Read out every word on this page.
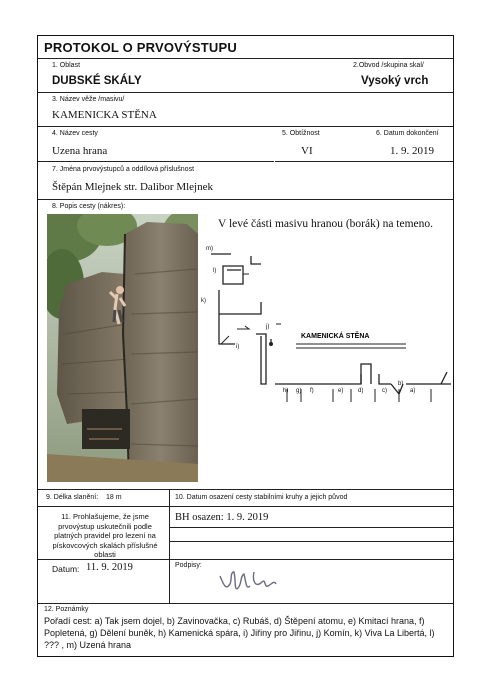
PROTOKOL O PRVOVÝSTUPU
1. Oblast
DUBSKÉ SKÁLY
2.Obvod /skupina skal/
Vysoký vrch
3. Název věže /masivu/
KAMENICKA STĚNA
4. Název cesty
Uzena hrana
5. Obtížnost
VI
6. Datum dokončení
1. 9. 2019
7. Jména prvovýstupců a oddílová příslušnost
Štěpán Mlejnek str. Dalibor Mlejnek
8. Popis cesty (nákres):
V levé části masivu hranou (borák) na temeno.
KAMENICKÁ STĚNA
a)
b)
c)
d)
e)
f)
g)
h)
i)
j)
k)
l)
m)
9. Délka slanění: 18 m	10. Datum osazení cesty stabilními kruhy a jejich původ
11. Prohlašujeme, že jsme prvovýstup uskutečnili podle platných pravidel pro lezení na pískovcových skalách příslušné oblasti
BH osazen: 1. 9. 2019
Datum: 11. 9. 2019	Podpisy:
12. Poznámky
Pořadí cest: a) Tak jsem dojel, b) Zavinovačka, c) Rubáš, d) Štěpení atomu, e) Kmitací hrana, f) Popletená, g) Dělení buněk, h) Kamenická spára, i) Jiřiny pro Jiřinu, j) Komín, k) Viva La Libertá, l) ??? , m) Uzená hrana
